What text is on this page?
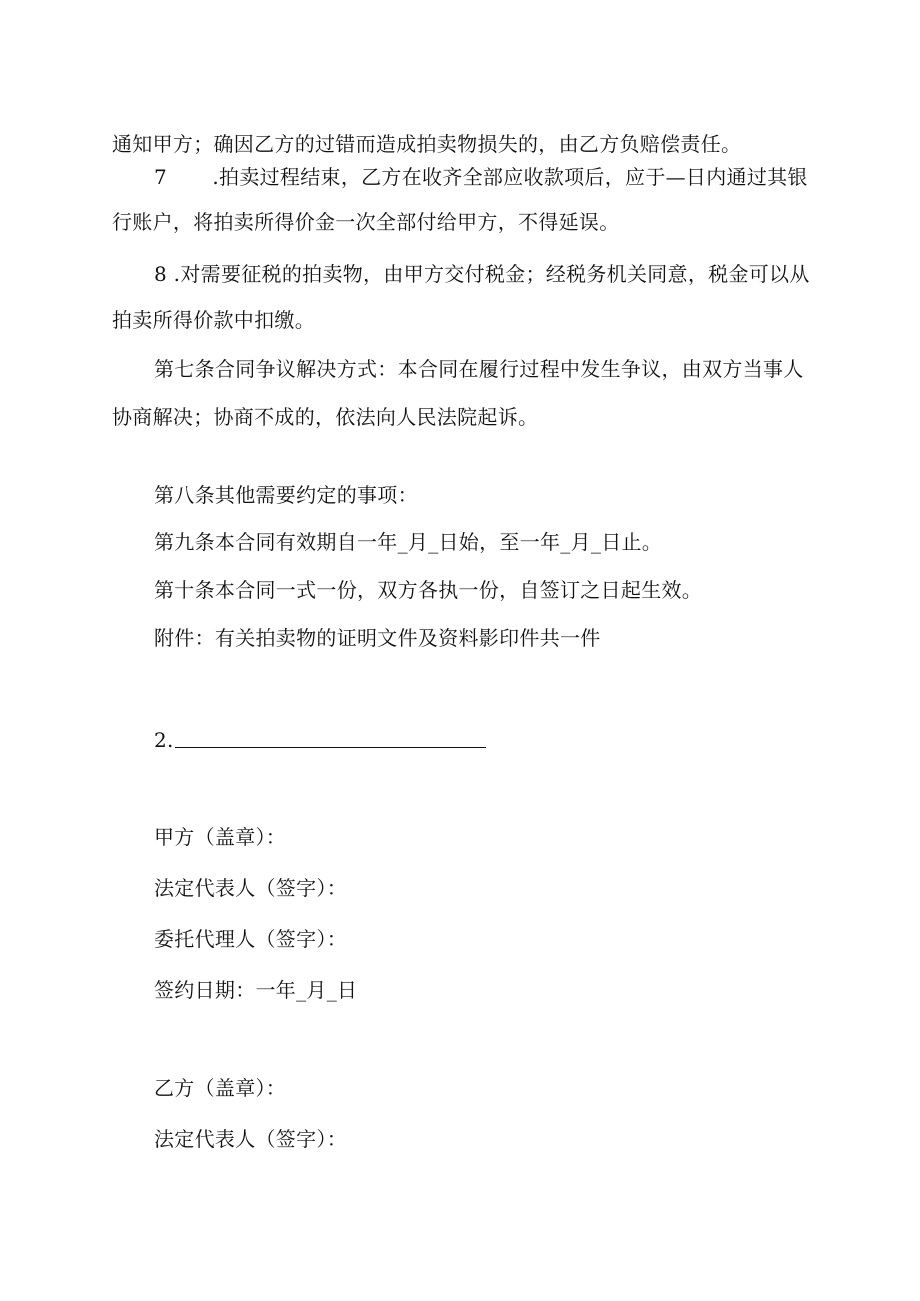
通知甲方；确因乙方的过错而造成拍卖物损失的，由乙方负赔偿责任。
7 .拍卖过程结束，乙方在收齐全部应收款项后，应于—日内通过其银
行账户，将拍卖所得价金一次全部付给甲方，不得延误。
8 .对需要征税的拍卖物，由甲方交付税金；经税务机关同意，税金可以从
拍卖所得价款中扣缴。
第七条合同争议解决方式：本合同在履行过程中发生争议，由双方当事人
协商解决；协商不成的，依法向人民法院起诉。
第八条其他需要约定的事项：
第九条本合同有效期自一年_月_日始，至一年_月_日止。
第十条本合同一式一份，双方各执一份，自签订之日起生效。
附件：有关拍卖物的证明文件及资料影印件共一件
2.
甲方（盖章）：
法定代表人（签字）：
委托代理人（签字）：
签约日期：一年_月_日
乙方（盖章）：
法定代表人（签字）：
